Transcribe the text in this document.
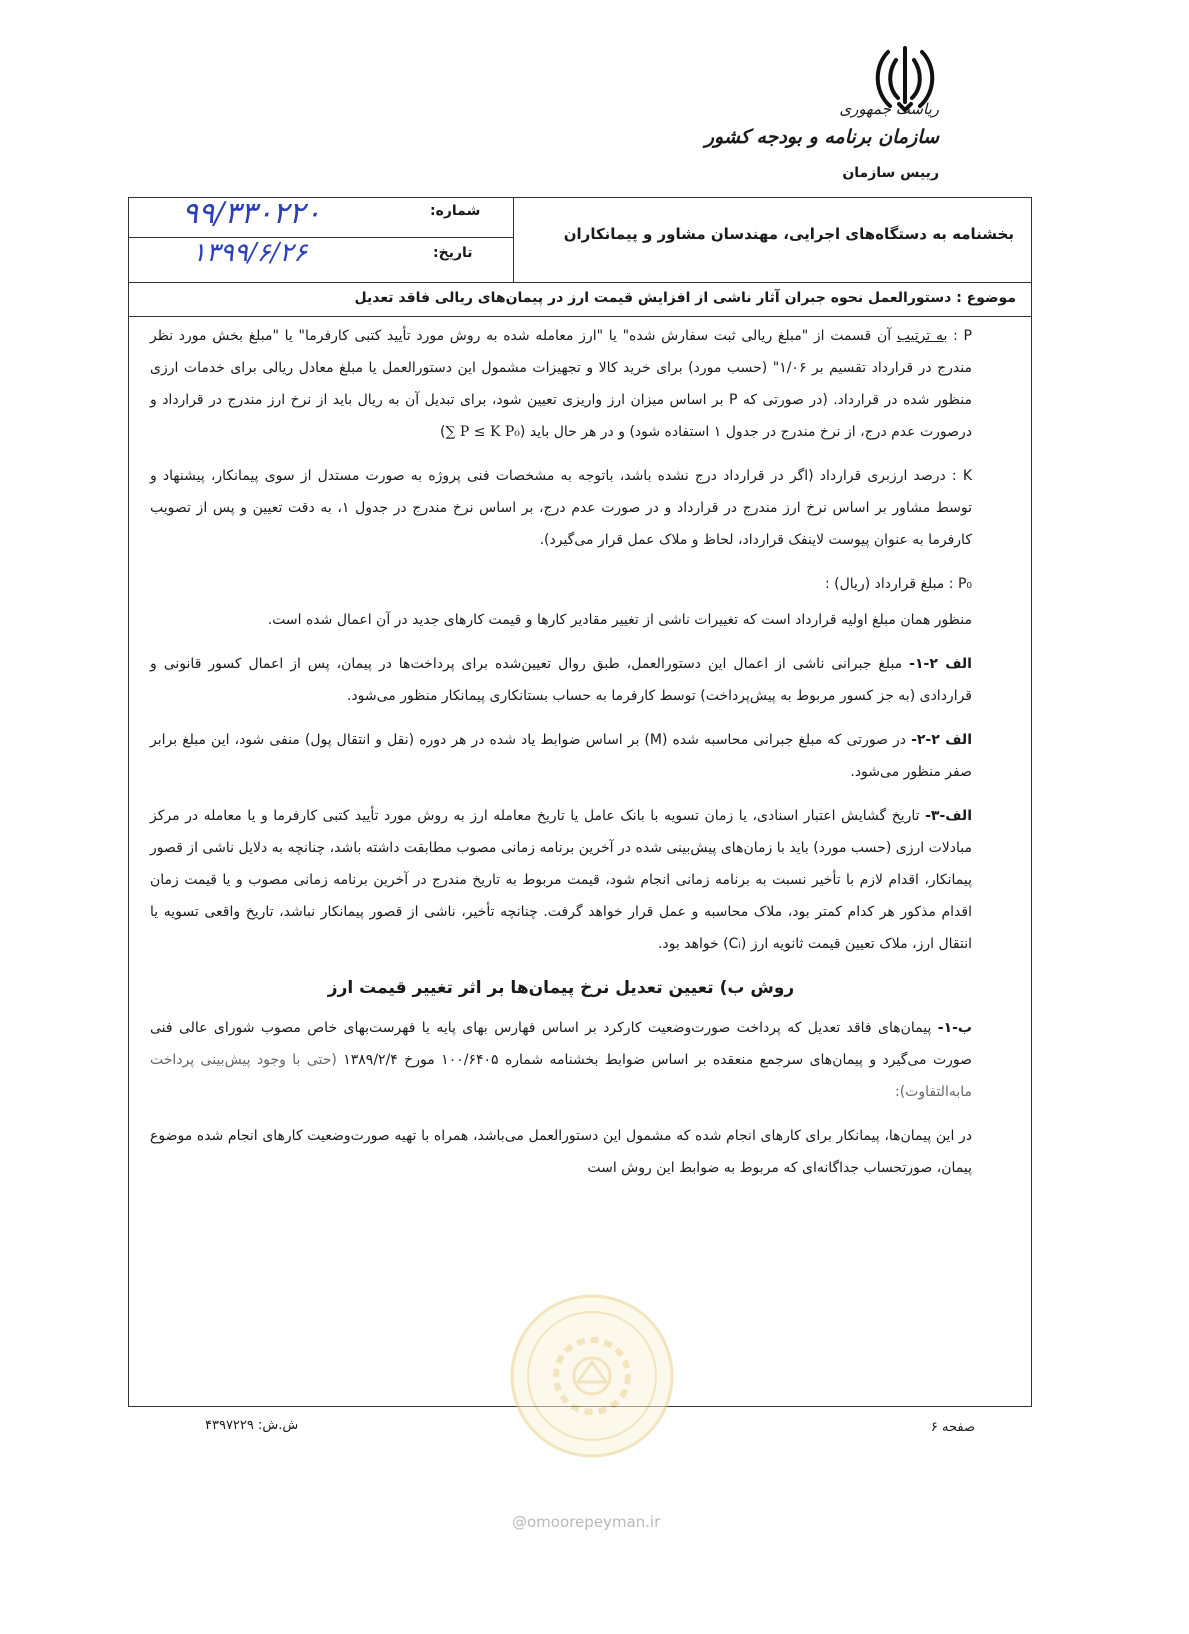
ریاست جمهوری
سازمان برنامه و بودجه کشور
رییس سازمان
شماره:
تاریخ:
۹۹/۳۳۰۲۲۰
۱۳۹۹/۶/۲۶
بخشنامه به دستگاه‌های اجرایی، مهندسان مشاور و پیمانکاران
موضوع : دستورالعمل نحوه جبران آثار ناشی از افزایش قیمت ارز در پیمان‌های ریالی فاقد تعدیل

P : به ترتیب آن قسمت از "مبلغ ریالی ثبت سفارش شده" یا "ارز معامله شده به روش مورد تأیید کتبی کارفرما" یا "مبلغ بخش مورد نظر مندرج در قرارداد تقسیم بر ۱/۰۶" (حسب مورد) برای خرید کالا و تجهیزات مشمول این دستورالعمل یا مبلغ معادل ریالی برای خدمات ارزی منظور شده در قرارداد. (در صورتی که P بر اساس میزان ارز واریزی تعیین شود، برای تبدیل آن به ریال باید از نرخ ارز مندرج در قرارداد و درصورت عدم درج، از نرخ مندرج در جدول ۱ استفاده شود) و در هر حال باید (∑ P ≤ K P₀)

K : درصد ارزبری قرارداد (اگر در قرارداد درج نشده باشد، باتوجه به مشخصات فنی پروژه به صورت مستدل از سوی پیمانکار، پیشنهاد و توسط مشاور بر اساس نرخ ارز مندرج در قرارداد و در صورت عدم درج، بر اساس نرخ مندرج در جدول ۱، به دقت تعیین و پس از تصویب کارفرما به عنوان پیوست لاینفک قرارداد، لحاظ و ملاک عمل قرار می‌گیرد).

P₀ : مبلغ قرارداد (ریال) :

منظور همان مبلغ اولیه قرارداد است که تغییرات ناشی از تغییر مقادیر کارها و قیمت کارهای جدید در آن اعمال شده است.

الف ۲-۱- مبلغ جبرانی ناشی از اعمال این دستورالعمل، طبق روال تعیین‌شده برای پرداخت‌ها در پیمان، پس از اعمال کسور قانونی و قراردادی (به جز کسور مربوط به پیش‌پرداخت) توسط کارفرما به حساب بستانکاری پیمانکار منظور می‌شود.

الف ۲-۲- در صورتی که مبلغ جبرانی محاسبه شده (M) بر اساس ضوابط یاد شده در هر دوره (نقل و انتقال پول) منفی شود، این مبلغ برابر صفر منظور می‌شود.

الف-۳- تاریخ گشایش اعتبار اسنادی، یا زمان تسویه با بانک عامل یا تاریخ معامله ارز به روش مورد تأیید کتبی کارفرما و یا معامله در مرکز مبادلات ارزی (حسب مورد) باید با زمان‌های پیش‌بینی شده در آخرین برنامه زمانی مصوب مطابقت داشته باشد، چنانچه به دلایل ناشی از قصور پیمانکار، اقدام لازم با تأخیر نسبت به برنامه زمانی انجام شود، قیمت مربوط به تاریخ مندرج در آخرین برنامه زمانی مصوب و یا قیمت زمان اقدام مذکور هر کدام کمتر بود، ملاک محاسبه و عمل قرار خواهد گرفت. چنانچه تأخیر، ناشی از قصور پیمانکار نباشد، تاریخ واقعی تسویه یا انتقال ارز، ملاک تعیین قیمت ثانویه ارز (Cᵢ) خواهد بود.

روش ب) تعیین تعدیل نرخ پیمان‌ها بر اثر تغییر قیمت ارز

ب-۱- پیمان‌های فاقد تعدیل که پرداخت صورت‌وضعیت کارکرد بر اساس فهارس بهای پایه یا فهرست‌بهای خاص مصوب شورای عالی فنی صورت می‌گیرد و پیمان‌های سرجمع منعقده بر اساس ضوابط بخشنامه شماره ۱۰۰/۶۴۰۵ مورخ ۱۳۸۹/۲/۴ (حتی با وجود پیش‌بینی پرداخت مابه‌التفاوت):

در این پیمان‌ها، پیمانکار برای کارهای انجام شده که مشمول این دستورالعمل می‌باشد، همراه با تهیه صورت‌وضعیت کارهای انجام شده موضوع پیمان، صورتحساب جداگانه‌ای که مربوط به ضوابط این روش است

صفحه ۶
ش.ش: ۴۳۹۷۲۲۹
@omoorepeyman.ir
